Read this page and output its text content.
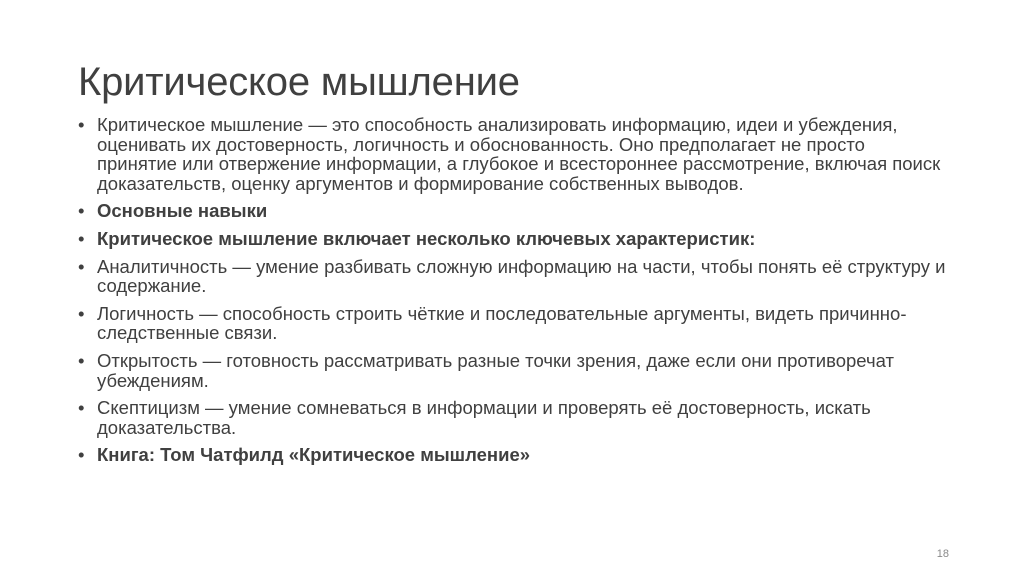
Критическое мышление
• Критическое мышление — это способность анализировать информацию, идеи и убеждения, оценивать их достоверность, логичность и обоснованность. Оно предполагает не просто принятие или отвержение информации, а глубокое и всестороннее рассмотрение, включая поиск доказательств, оценку аргументов и формирование собственных выводов.
• Основные навыки
• Критическое мышление включает несколько ключевых характеристик:
• Аналитичность — умение разбивать сложную информацию на части, чтобы понять её структуру и содержание.
• Логичность — способность строить чёткие и последовательные аргументы, видеть причинно-следственные связи.
• Открытость — готовность рассматривать разные точки зрения, даже если они противоречат убеждениям.
• Скептицизм — умение сомневаться в информации и проверять её достоверность, искать доказательства.
• Книга: Том Чатфилд «Критическое мышление»
18
